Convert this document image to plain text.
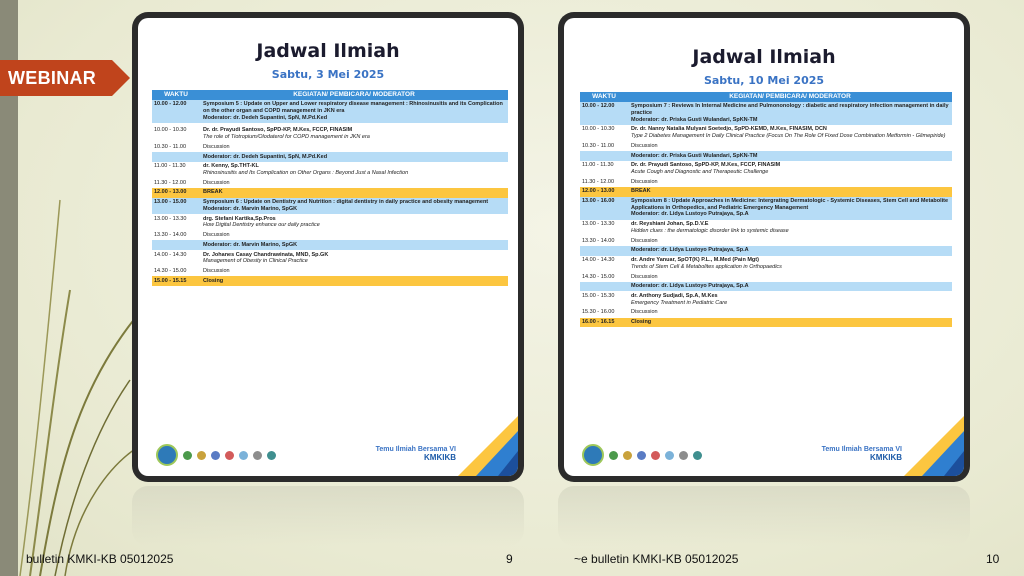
WEBINAR
Jadwal Ilmiah
Sabtu, 3 Mei 2025
WAKTU	KEGIATAN/ PEMBICARA/ MODERATOR
10.00 - 12.00	Symposium 5 : Update on Upper and Lower respiratory disease management : Rhinosinusitis and its Complication on the other organ and COPD management in JKN era
Moderator: dr. Dedeh Supantini, SpN, M.Pd.Ked

10.00 - 10.30	Dr. dr. Prayudi Santoso, SpPD-KP, M.Kes, FCCP, FINASIM
The role of Tiotropium/Olodaterol for COPD management in JKN era

10.30 - 11.00	Discussion

	Moderator: dr. Dedeh Supantini, SpN, M.Pd.Ked

11.00 - 11.30	dr. Kenny, Sp.THT-KL
Rhinosinusitis and Its Complication on Other Organs : Beyond Just a Nasal Infection

11.30 - 12.00	Discussion

12.00 - 13.00	BREAK

13.00 - 15.00	Symposium 6 : Update on Dentistry and Nutrition : digital dentistry in daily practice and obesity management
Moderator: dr. Marvin Marino, SpGK

13.00 - 13.30	drg. Stefani Kartika,Sp.Pros
How Digital Dentistry enhance our daily practice

13.30 - 14.00	Discussion

	Moderator: dr. Marvin Marino, SpGK

14.00 - 14.30	Dr. Johanes Casay Chandrawinata, MND, Sp.GK
Management of Obesity in Clinical Practice

14.30 - 15.00	Discussion

15.00 - 15.15	Closing
Temu Ilmiah Bersama VI
KMKIKB
Jadwal Ilmiah
Sabtu, 10 Mei 2025
WAKTU	KEGIATAN/ PEMBICARA/ MODERATOR
10.00 - 12.00	Symposium 7 : Reviews In Internal Medicine and Pulmononology : diabetic and respiratory infection management in daily practice
Moderator: dr. Priska Gusti Wulandari, SpKN-TM

10.00 - 10.30	Dr. dr. Nanny Natalia Mulyani Soetedjo, SpPD-KEMD, M.Kes, FINASIM, DCN
Type 2 Diabetes Management In Daily Clinical Practice (Focus On The Role Of Fixed Dose Combination Metformin - Glimepiride)

10.30 - 11.00	Discussion

	Moderator: dr. Priska Gusti Wulandari, SpKN-TM

11.00 - 11.30	Dr. dr. Prayudi Santoso, SpPD-KP, M.Kes, FCCP, FINASIM
Acute Cough and Diagnostic and Therapeutic Challenge

11.30 - 12.00	Discussion

12.00 - 13.00	BREAK

13.00 - 16.00	Symposium 8 : Update Approaches in Medicine: Intergrating Dermatologic - Systemic Diseases, Stem Cell and Metabolite Applications in Orthopedics, and Pediatric Emergency Management
Moderator: dr. Lidya Lustoyo Putrajaya, Sp.A

13.00 - 13.30	dr. Reyshiani Johan, Sp.D.V.E
Hidden clues : the dermatologic disorder link to systemic disease

13.30 - 14.00	Discussion

	Moderator: dr. Lidya Lustoyo Putrajaya, Sp.A

14.00 - 14.30	dr. Andre Yanuar, SpOT(K) P.L., M.Med (Pain Mgt)
Trends of Stem Cell & Metabolites application in Orthopaedics

14.30 - 15.00	Discussion

	Moderator: dr. Lidya Lustoyo Putrajaya, Sp.A

15.00 - 15.30	dr. Anthony Sudjadi, Sp.A, M.Kes
Emergency Treatment in Pediatric Care

15.30 - 16.00	Discussion

16.00 - 16.15	Closing
Temu Ilmiah Bersama VI
KMKIKB
bulletin KMKI-KB 05012025	9	~e bulletin KMKI-KB 05012025	10
